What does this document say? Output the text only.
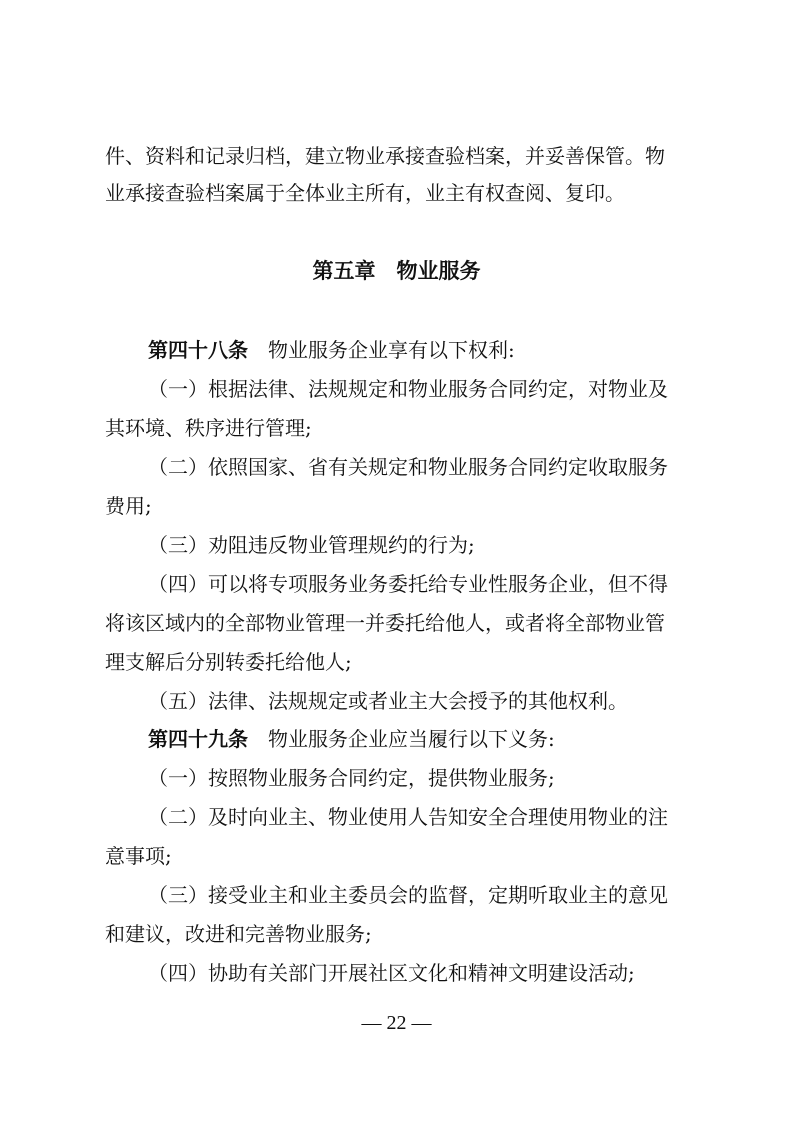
件、资料和记录归档，建立物业承接查验档案，并妥善保管。物
业承接查验档案属于全体业主所有，业主有权查阅、复印。
第五章　物业服务
第四十八条　物业服务企业享有以下权利:
（一）根据法律、法规规定和物业服务合同约定，对物业及
其环境、秩序进行管理;
（二）依照国家、省有关规定和物业服务合同约定收取服务
费用;
（三）劝阻违反物业管理规约的行为;
（四）可以将专项服务业务委托给专业性服务企业，但不得
将该区域内的全部物业管理一并委托给他人，或者将全部物业管
理支解后分别转委托给他人;
（五）法律、法规规定或者业主大会授予的其他权利。
第四十九条　物业服务企业应当履行以下义务:
（一）按照物业服务合同约定，提供物业服务;
（二）及时向业主、物业使用人告知安全合理使用物业的注
意事项;
（三）接受业主和业主委员会的监督，定期听取业主的意见
和建议，改进和完善物业服务;
（四）协助有关部门开展社区文化和精神文明建设活动;
— 22 —
